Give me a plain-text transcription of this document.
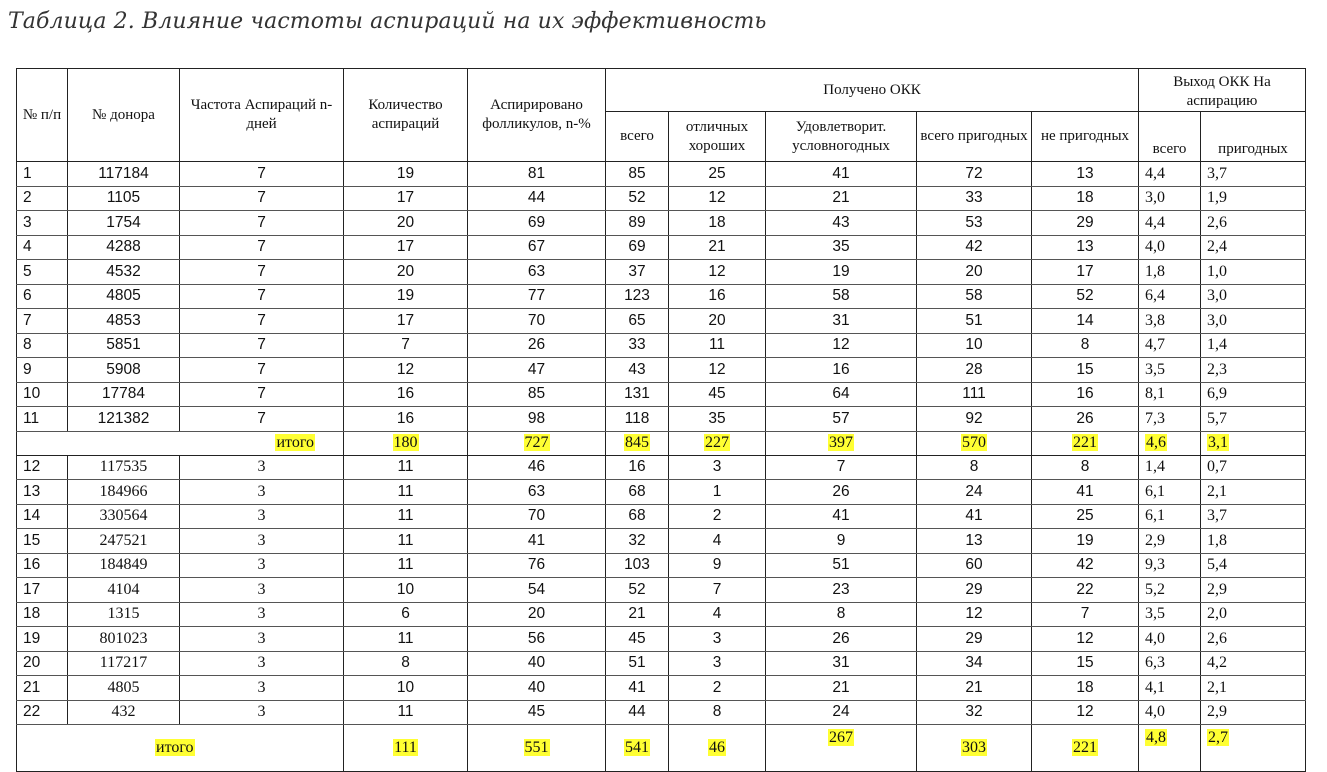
Таблица 2. Влияние частоты аспираций на их эффективность
№ п/п	№ донора	Частота Аспираций n-дней	Количество аспираций	Аспирировано фолликулов, n-%	Получено ОКК					Выход ОКК На аспирацию	
					всего	отличных хороших	Удовлетворит. условногодных	всего пригодных	не пригодных	всего	пригодных
1	117184	7	19	81	85	25	41	72	13	4,4	3,7
2	1105	7	17	44	52	12	21	33	18	3,0	1,9
3	1754	7	20	69	89	18	43	53	29	4,4	2,6
4	4288	7	17	67	69	21	35	42	13	4,0	2,4
5	4532	7	20	63	37	12	19	20	17	1,8	1,0
6	4805	7	19	77	123	16	58	58	52	6,4	3,0
7	4853	7	17	70	65	20	31	51	14	3,8	3,0
8	5851	7	7	26	33	11	12	10	8	4,7	1,4
9	5908	7	12	47	43	12	16	28	15	3,5	2,3
10	17784	7	16	85	131	45	64	111	16	8,1	6,9
11	121382	7	16	98	118	35	57	92	26	7,3	5,7
итого			180	727	845	227	397	570	221	4,6	3,1
12	117535	3	11	46	16	3	7	8	8	1,4	0,7
13	184966	3	11	63	68	1	26	24	41	6,1	2,1
14	330564	3	11	70	68	2	41	41	25	6,1	3,7
15	247521	3	11	41	32	4	9	13	19	2,9	1,8
16	184849	3	11	76	103	9	51	60	42	9,3	5,4
17	4104	3	10	54	52	7	23	29	22	5,2	2,9
18	1315	3	6	20	21	4	8	12	7	3,5	2,0
19	801023	3	11	56	45	3	26	29	12	4,0	2,6
20	117217	3	8	40	51	3	31	34	15	6,3	4,2
21	4805	3	10	40	41	2	21	21	18	4,1	2,1
22	432	3	11	45	44	8	24	32	12	4,0	2,9
итого			111	551	541	46	267	303	221	4,8	2,7
